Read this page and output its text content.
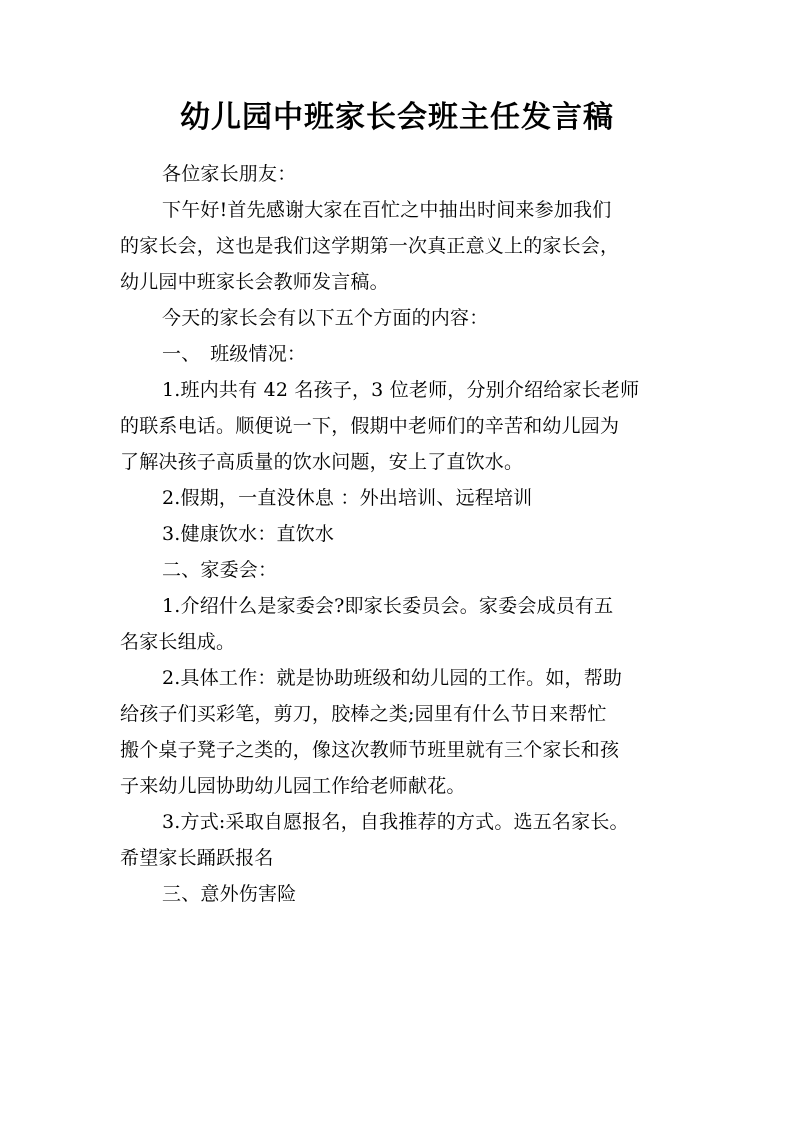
幼儿园中班家长会班主任发言稿
各位家长朋友：
下午好!首先感谢大家在百忙之中抽出时间来参加我们
的家长会，这也是我们这学期第一次真正意义上的家长会，
幼儿园中班家长会教师发言稿。
今天的家长会有以下五个方面的内容：
一、　班级情况：
1.班内共有 42 名孩子，3 位老师，分别介绍给家长老师
的联系电话。顺便说一下，假期中老师们的辛苦和幼儿园为
了解决孩子高质量的饮水问题，安上了直饮水。
2.假期，一直没休息 ：外出培训、远程培训
3.健康饮水：直饮水
二、家委会：
1.介绍什么是家委会?即家长委员会。家委会成员有五
名家长组成。
2.具体工作：就是协助班级和幼儿园的工作。如，帮助
给孩子们买彩笔，剪刀，胶棒之类;园里有什么节日来帮忙
搬个桌子凳子之类的，像这次教师节班里就有三个家长和孩
子来幼儿园协助幼儿园工作给老师献花。
3.方式:采取自愿报名，自我推荐的方式。选五名家长。
希望家长踊跃报名
三、意外伤害险
